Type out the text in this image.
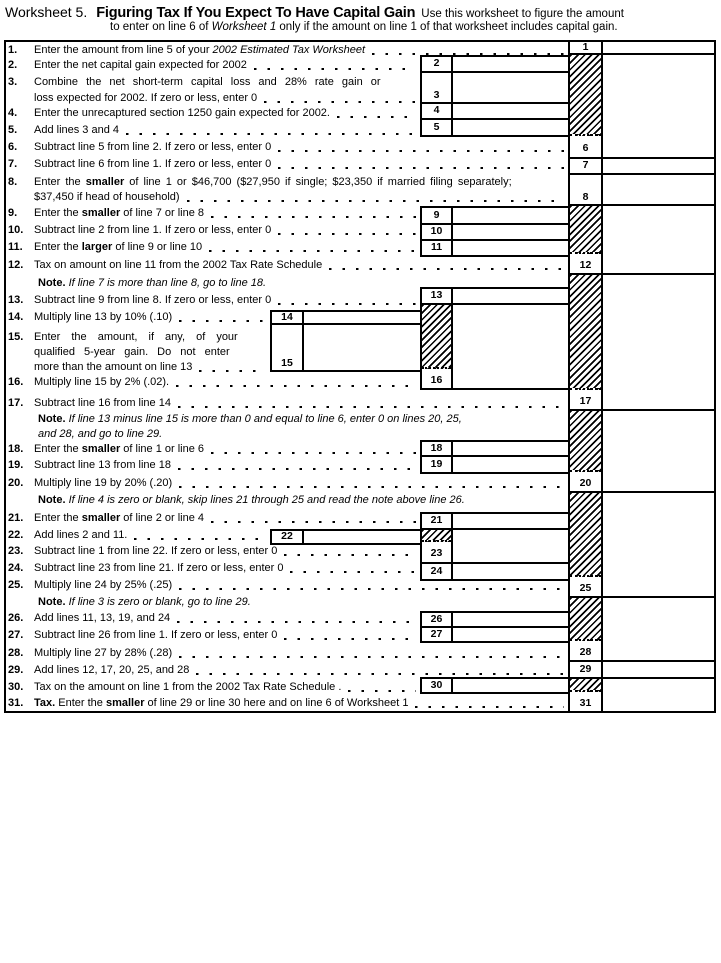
Worksheet 5. Figuring Tax If You Expect To Have Capital Gain Use this worksheet to figure the amount
to enter on line 6 of Worksheet 1 only if the amount on line 1 of that worksheet includes capital gain.
1
6
7
8
12
17
20
25
28
29
31
2
3
4
5
9
10
11
13
16
18
19
21
23
24
26
27
30
14
15
22
1. Enter the amount from line 5 of your 2002 Estimated Tax Worksheet
2. Enter the net capital gain expected for 2002
3. Combine the net short-term capital loss and 28% rate gain or
loss expected for 2002. If zero or less, enter 0
4. Enter the unrecaptured section 1250 gain expected for 2002.
5. Add lines 3 and 4
6. Subtract line 5 from line 2. If zero or less, enter 0
7. Subtract line 6 from line 1. If zero or less, enter 0
8. Enter the smaller of line 1 or $46,700 ($27,950 if single; $23,350 if married filing separately;
$37,450 if head of household)
9. Enter the smaller of line 7 or line 8
10. Subtract line 2 from line 1. If zero or less, enter 0
11. Enter the larger of line 9 or line 10
12. Tax on amount on line 11 from the 2002 Tax Rate Schedule
Note. If line 7 is more than line 8, go to line 18.
13. Subtract line 9 from line 8. If zero or less, enter 0
14. Multiply line 13 by 10% (.10)
15. Enter the amount, if any, of your
qualified 5-year gain. Do not enter
more than the amount on line 13
16. Multiply line 15 by 2% (.02).
17. Subtract line 16 from line 14
Note. If line 13 minus line 15 is more than 0 and equal to line 6, enter 0 on lines 20, 25,
and 28, and go to line 29.
18. Enter the smaller of line 1 or line 6
19. Subtract line 13 from line 18
20. Multiply line 19 by 20% (.20)
Note. If line 4 is zero or blank, skip lines 21 through 25 and read the note above line 26.
21. Enter the smaller of line 2 or line 4
22. Add lines 2 and 11.
23. Subtract line 1 from line 22. If zero or less, enter 0
24. Subtract line 23 from line 21. If zero or less, enter 0
25. Multiply line 24 by 25% (.25)
Note. If line 3 is zero or blank, go to line 29.
26. Add lines 11, 13, 19, and 24
27. Subtract line 26 from line 1. If zero or less, enter 0
28. Multiply line 27 by 28% (.28)
29. Add lines 12, 17, 20, 25, and 28
30. Tax on the amount on line 1 from the 2002 Tax Rate Schedule .
31. Tax. Enter the smaller of line 29 or line 30 here and on line 6 of Worksheet 1
